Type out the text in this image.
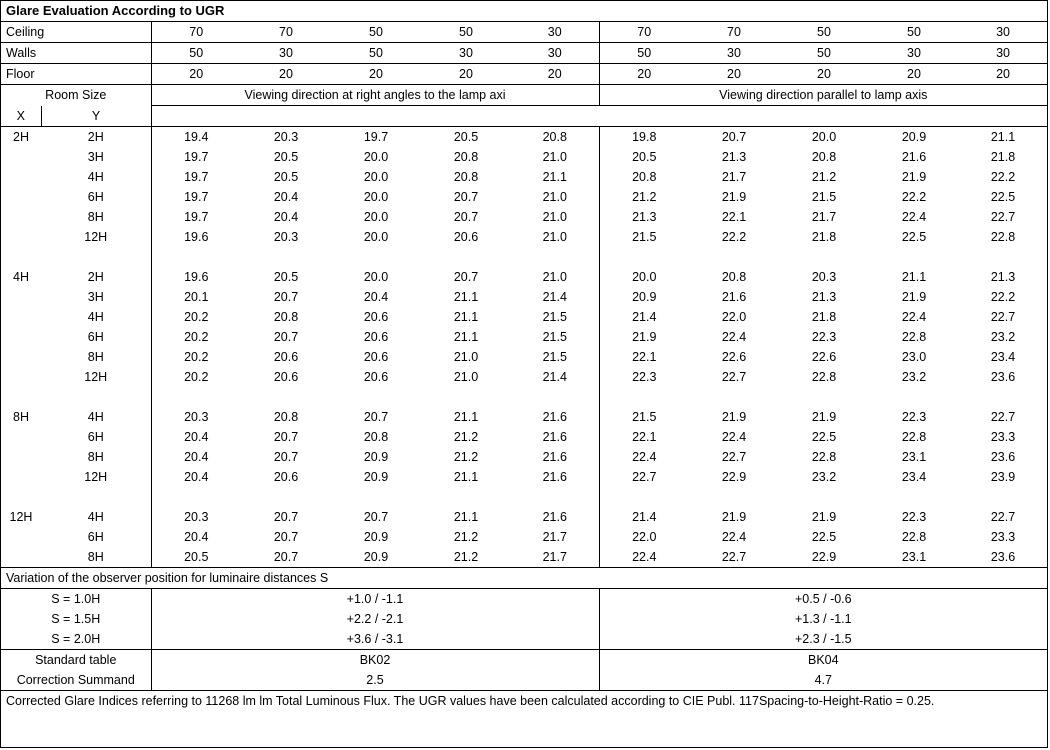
Glare Evaluation According to UGR											
Ceiling		70	70	50	50	30	70	70	50	50	30
Walls		50	30	50	30	30	50	30	50	30	30
Floor		20	20	20	20	20	20	20	20	20	20
Room Size		Viewing direction at right angles to the lamp axi					Viewing direction parallel to lamp axis				
X	Y										
2H	2H	19.4	20.3	19.7	20.5	20.8	19.8	20.7	20.0	20.9	21.1
	3H	19.7	20.5	20.0	20.8	21.0	20.5	21.3	20.8	21.6	21.8
	4H	19.7	20.5	20.0	20.8	21.1	20.8	21.7	21.2	21.9	22.2
	6H	19.7	20.4	20.0	20.7	21.0	21.2	21.9	21.5	22.2	22.5
	8H	19.7	20.4	20.0	20.7	21.0	21.3	22.1	21.7	22.4	22.7
	12H	19.6	20.3	20.0	20.6	21.0	21.5	22.2	21.8	22.5	22.8

4H	2H	19.6	20.5	20.0	20.7	21.0	20.0	20.8	20.3	21.1	21.3
	3H	20.1	20.7	20.4	21.1	21.4	20.9	21.6	21.3	21.9	22.2
	4H	20.2	20.8	20.6	21.1	21.5	21.4	22.0	21.8	22.4	22.7
	6H	20.2	20.7	20.6	21.1	21.5	21.9	22.4	22.3	22.8	23.2
	8H	20.2	20.6	20.6	21.0	21.5	22.1	22.6	22.6	23.0	23.4
	12H	20.2	20.6	20.6	21.0	21.4	22.3	22.7	22.8	23.2	23.6

8H	4H	20.3	20.8	20.7	21.1	21.6	21.5	21.9	21.9	22.3	22.7
	6H	20.4	20.7	20.8	21.2	21.6	22.1	22.4	22.5	22.8	23.3
	8H	20.4	20.7	20.9	21.2	21.6	22.4	22.7	22.8	23.1	23.6
	12H	20.4	20.6	20.9	21.1	21.6	22.7	22.9	23.2	23.4	23.9

12H	4H	20.3	20.7	20.7	21.1	21.6	21.4	21.9	21.9	22.3	22.7
	6H	20.4	20.7	20.9	21.2	21.7	22.0	22.4	22.5	22.8	23.3
	8H	20.5	20.7	20.9	21.2	21.7	22.4	22.7	22.9	23.1	23.6
Variation of the observer position for luminaire distances S											
S = 1.0H		+1.0 / -1.1					+0.5 / -0.6				
S = 1.5H		+2.2 / -2.1					+1.3 / -1.1				
S = 2.0H		+3.6 / -3.1					+2.3 / -1.5				
Standard table		BK02					BK04				
Correction Summand		2.5					4.7				
Corrected Glare Indices referring to 11268 lm lm Total Luminous Flux. The UGR values have been calculated according to CIE Publ. 117Spacing-to-Height-Ratio = 0.25.											
